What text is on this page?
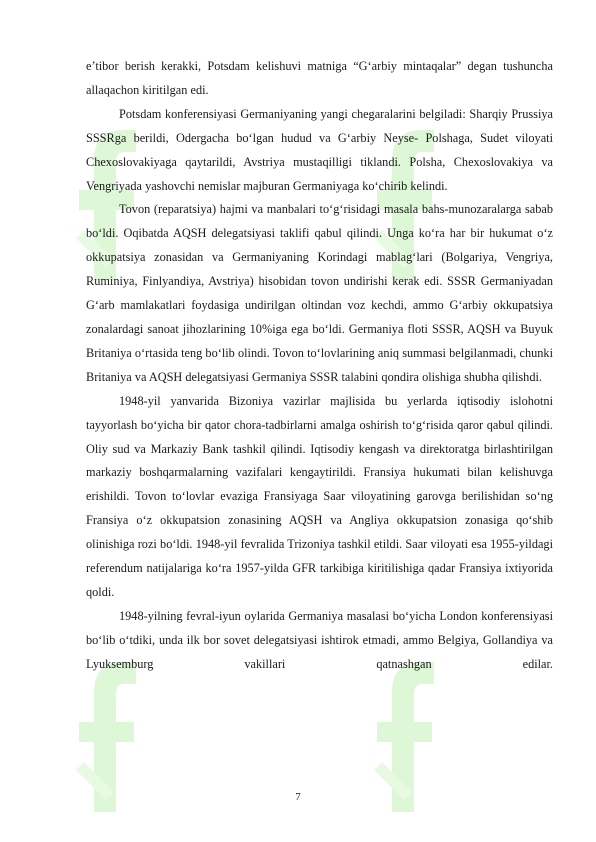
e’tibor berish kerakki, Potsdam kelishuvi matniga “G‘arbiy mintaqalar” degan tushuncha allaqachon kiritilgan edi.

Potsdam konferensiyasi Germaniyaning yangi chegaralarini belgiladi: Sharqiy Prussiya SSSRga berildi, Odergacha bo‘lgan hudud va G‘arbiy Neyse- Polshaga, Sudet viloyati Chexoslovakiyaga qaytarildi, Avstriya mustaqilligi tiklandi. Polsha, Chexoslovakiya va Vengriyada yashovchi nemislar majburan Germaniyaga ko‘chirib kelindi.

Tovon (reparatsiya) hajmi va manbalari to‘g‘risidagi masala bahs-munozaralarga sabab bo‘ldi. Oqibatda AQSH delegatsiyasi taklifi qabul qilindi. Unga ko‘ra har bir hukumat o‘z okkupatsiya zonasidan va Germaniyaning Korindagi mablag‘lari (Bolgariya, Vengriya, Ruminiya, Finlyandiya, Avstriya) hisobidan tovon undirishi kerak edi. SSSR Germaniyadan G‘arb mamlakatlari foydasiga undirilgan oltindan voz kechdi, ammo G‘arbiy okkupatsiya zonalardagi sanoat jihozlarining 10%iga ega bo‘ldi. Germaniya floti SSSR, AQSH va Buyuk Britaniya o‘rtasida teng bo‘lib olindi. Tovon to‘lovlarining aniq summasi belgilanmadi, chunki Britaniya va AQSH delegatsiyasi Germaniya SSSR talabini qondira olishiga shubha qilishdi.

1948-yil yanvarida Bizoniya vazirlar majlisida bu yerlarda iqtisodiy islohotni tayyorlash bo‘yicha bir qator chora-tadbirlarni amalga oshirish to‘g‘risida qaror qabul qilindi. Oliy sud va Markaziy Bank tashkil qilindi. Iqtisodiy kengash va direktoratga birlashtirilgan markaziy boshqarmalarning vazifalari kengaytirildi. Fransiya hukumati bilan kelishuvga erishildi. Tovon to‘lovlar evaziga Fransiyaga Saar viloyatining garovga berilishidan so‘ng Fransiya o‘z okkupatsion zonasining AQSH va Angliya okkupatsion zonasiga qo‘shib olinishiga rozi bo‘ldi. 1948-yil fevralida Trizoniya tashkil etildi. Saar viloyati esa 1955-yildagi referendum natijalariga ko‘ra 1957-yilda GFR tarkibiga kiritilishiga qadar Fransiya ixtiyorida qoldi.

1948-yilning fevral-iyun oylarida Germaniya masalasi bo‘yicha London konferensiyasi bo‘lib o‘tdiki, unda ilk bor sovet delegatsiyasi ishtirok etmadi, ammo Belgiya, Gollandiya va Lyuksemburg vakillari qatnashgan edilar.

7
